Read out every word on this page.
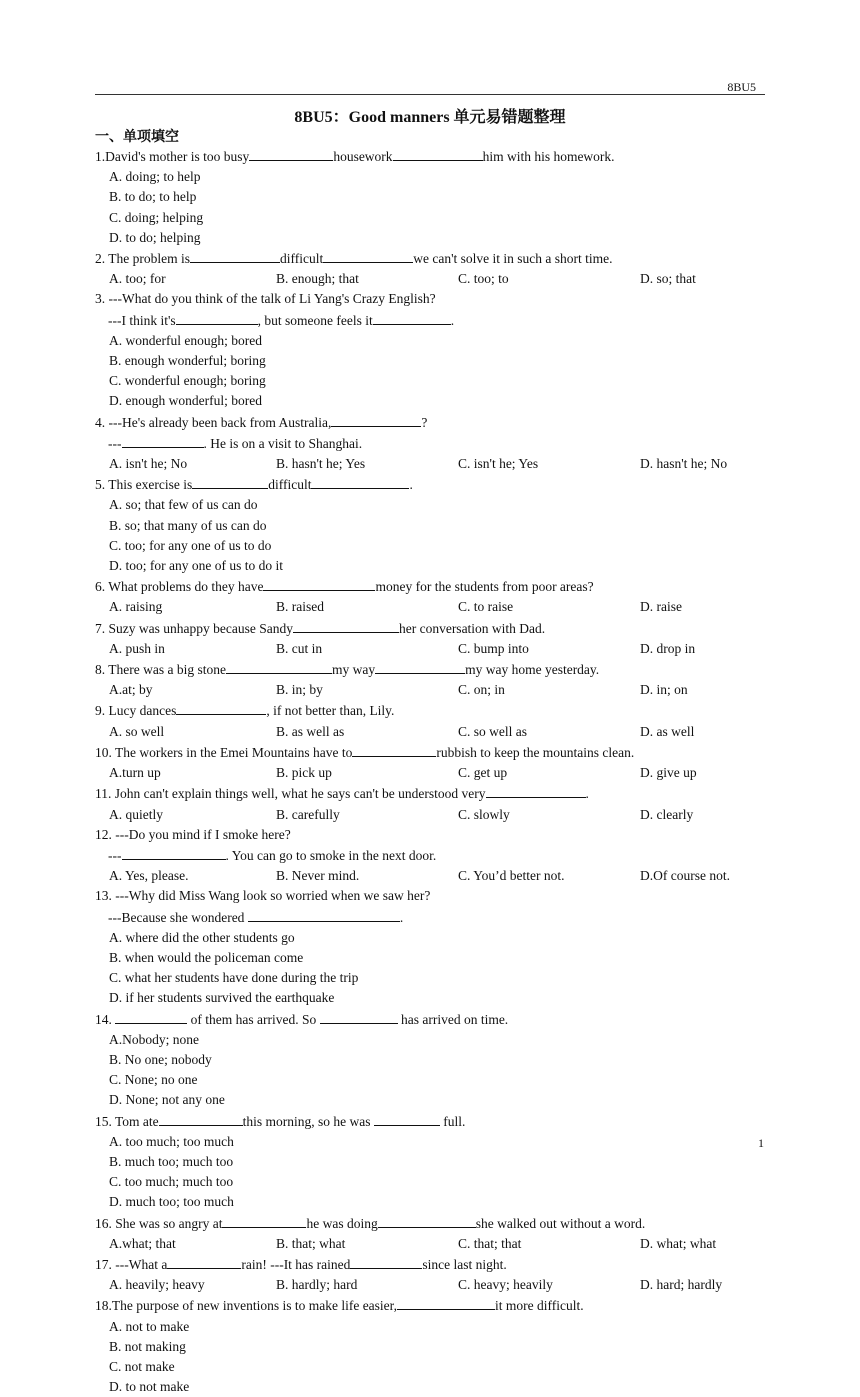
8BU5
8BU5：Good manners 单元易错题整理
一、单项填空
1.David's mother is too busy	housework	him with his homework.
A. doing; to help
B. to do; to help
C. doing; helping
D. to do; helping
2. The problem is	difficult	we can't solve it in such a short time.
A. too; for	B. enough; that	C. too; to	D. so; that
3. ---What do you think of the talk of Li Yang's Crazy English?
---I think it's	, but someone feels it	.
A. wonderful enough; bored
B. enough wonderful; boring
C. wonderful enough; boring
D. enough wonderful; bored
4. ---He's already been back from Australia,	?
---	. He is on a visit to Shanghai.
A. isn't he; No	B. hasn't he; Yes	C. isn't he; Yes	D. hasn't he; No
5. This exercise is	difficult	.
A. so; that few of us can do
B. so; that many of us can do
C. too; for any one of us to do
D. too; for any one of us to do it
6. What problems do they have	money for the students from poor areas?
A. raising	B. raised	C. to raise	D. raise
7. Suzy was unhappy because Sandy	her conversation with Dad.
A. push in	B. cut in	C. bump into	D. drop in
8. There was a big stone	my way	my way home yesterday.
A.at; by	B. in; by	C. on; in	D. in; on
9. Lucy dances	, if not better than, Lily.
A. so well	B. as well as	C. so well as	D. as well
10. The workers in the Emei Mountains have to	rubbish to keep the mountains clean.
A.turn up	B. pick up	C. get up	D. give up
11. John can't explain things well, what he says can't be understood very	.
A. quietly	B. carefully	C. slowly	D. clearly
12. ---Do you mind if I smoke here?
---	. You can go to smoke in the next door.
A. Yes, please.	B. Never mind.	C. You’d better not.	D.Of course not.
13. ---Why did Miss Wang look so worried when we saw her?
---Because she wondered	.
A. where did the other students go
B. when would the policeman come
C. what her students have done during the trip
D. if her students survived the earthquake
14.	of them has arrived. So	has arrived on time.
A.Nobody; none
B. No one; nobody
C. None; no one
D. None; not any one
15. Tom ate	this morning, so he was	full.
A. too much; too much
B. much too; much too
C. too much; much too
D. much too; too much
16. She was so angry at	he was doing	she walked out without a word.
A.what; that	B. that; what	C. that; that	D. what; what
17. ---What a	rain! ---It has rained	since last night.
A. heavily; heavy	B. hardly; hard	C. heavy; heavily	D. hard; hardly
18.The purpose of new inventions is to make life easier,	it more difficult.
A. not to make
B. not making
C. not make
D. to not make
1
